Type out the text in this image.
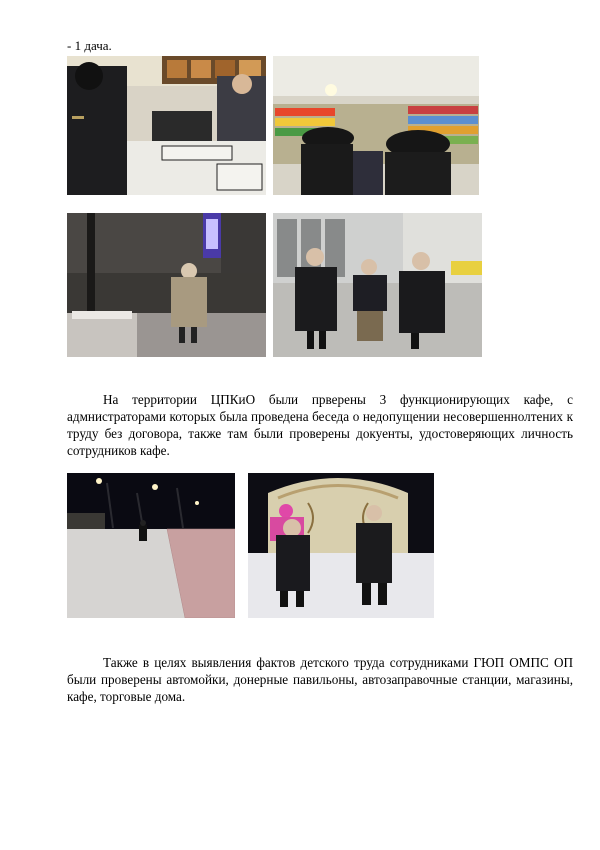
- 1 дача.

На территории ЦПКиО были прверены 3 функционирующих кафе, с адмнистраторами которых была проведена беседа о недопущении несовершеннолтених к труду без договора, также там были проверены докуенты, удостоверяющих личность сотрудников кафе.

Также в целях выявления фактов детского труда сотрудниками ГЮП ОМПС ОП были проверены автомойки, донерные павильоны, автозаправочные станции, магазины, кафе, торговые дома.
